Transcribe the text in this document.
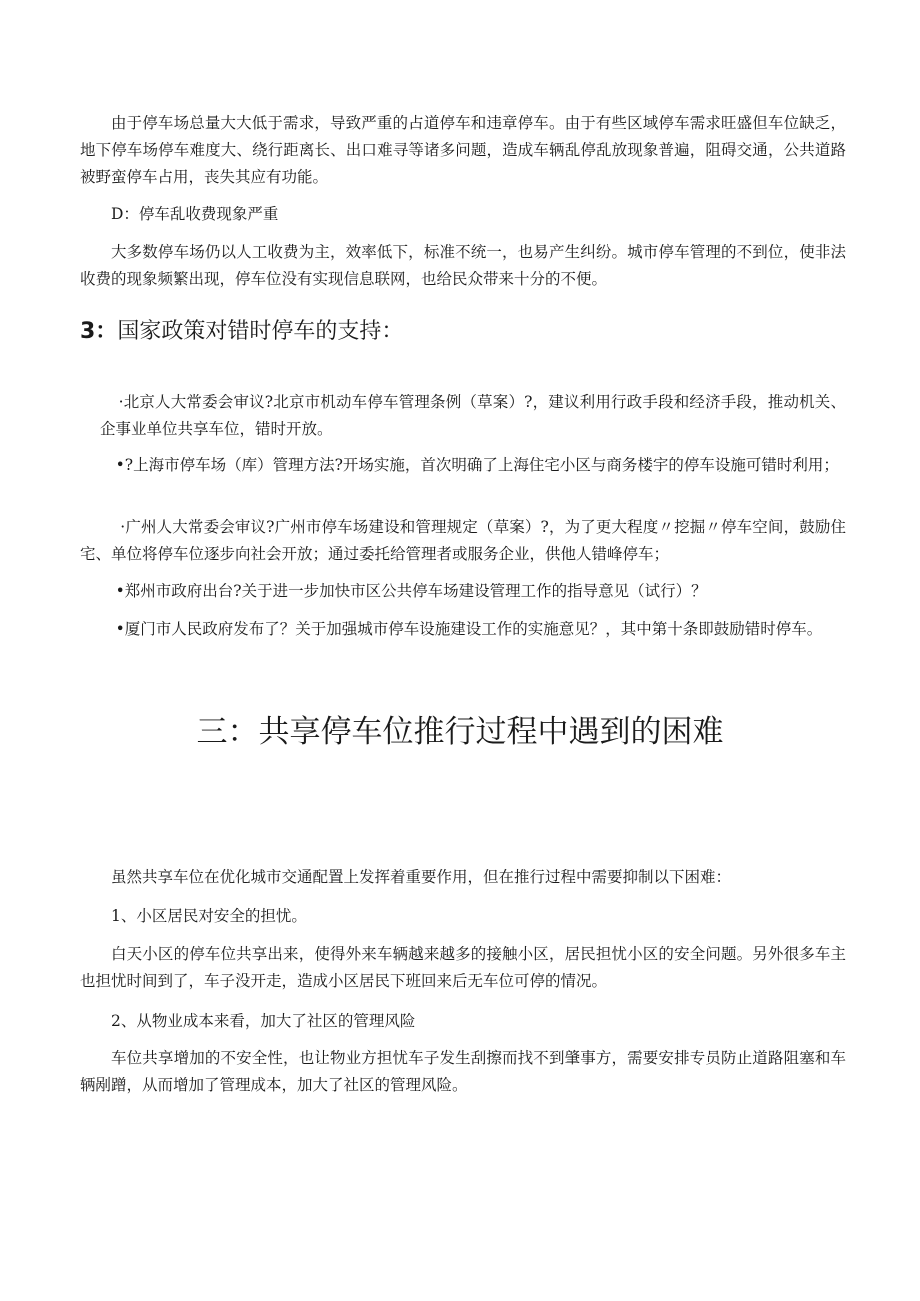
由于停车场总量大大低于需求，导致严重的占道停车和违章停车。由于有些区域停车需求旺盛但车位缺乏，地下停车场停车难度大、绕行距离长、出口难寻等诸多问题，造成车辆乱停乱放现象普遍，阻碍交通，公共道路被野蛮停车占用，丧失其应有功能。

D：停车乱收费现象严重

大多数停车场仍以人工收费为主，效率低下，标准不统一，也易产生纠纷。城市停车管理的不到位，使非法收费的现象频繁出现，停车位没有实现信息联网，也给民众带来十分的不便。

3：国家政策对错时停车的支持：

·北京人大常委会审议?北京市机动车停车管理条例（草案）?，建议利用行政手段和经济手段，推动机关、企事业单位共享车位，错时开放。

•?上海市停车场（库）管理方法?开场实施，首次明确了上海住宅小区与商务楼宇的停车设施可错时利用；

·广州人大常委会审议?广州市停车场建设和管理规定（草案）?，为了更大程度〃挖掘〃停车空间，鼓励住宅、单位将停车位逐步向社会开放；通过委托给管理者或服务企业，供他人错峰停车；

•郑州市政府出台?关于进一步加快市区公共停车场建设管理工作的指导意见（试行）？

•厦门市人民政府发布了？关于加强城市停车设施建设工作的实施意见？，其中第十条即鼓励错时停车。

三：共享停车位推行过程中遇到的困难

虽然共享车位在优化城市交通配置上发挥着重要作用，但在推行过程中需要抑制以下困难：

1、小区居民对安全的担忧。

白天小区的停车位共享出来，使得外来车辆越来越多的接触小区，居民担忧小区的安全问题。另外很多车主也担忧时间到了，车子没开走，造成小区居民下班回来后无车位可停的情况。

2、从物业成本来看，加大了社区的管理风险

车位共享增加的不安全性，也让物业方担忧车子发生刮擦而找不到肇事方，需要安排专员防止道路阻塞和车辆剐蹭，从而增加了管理成本，加大了社区的管理风险。
